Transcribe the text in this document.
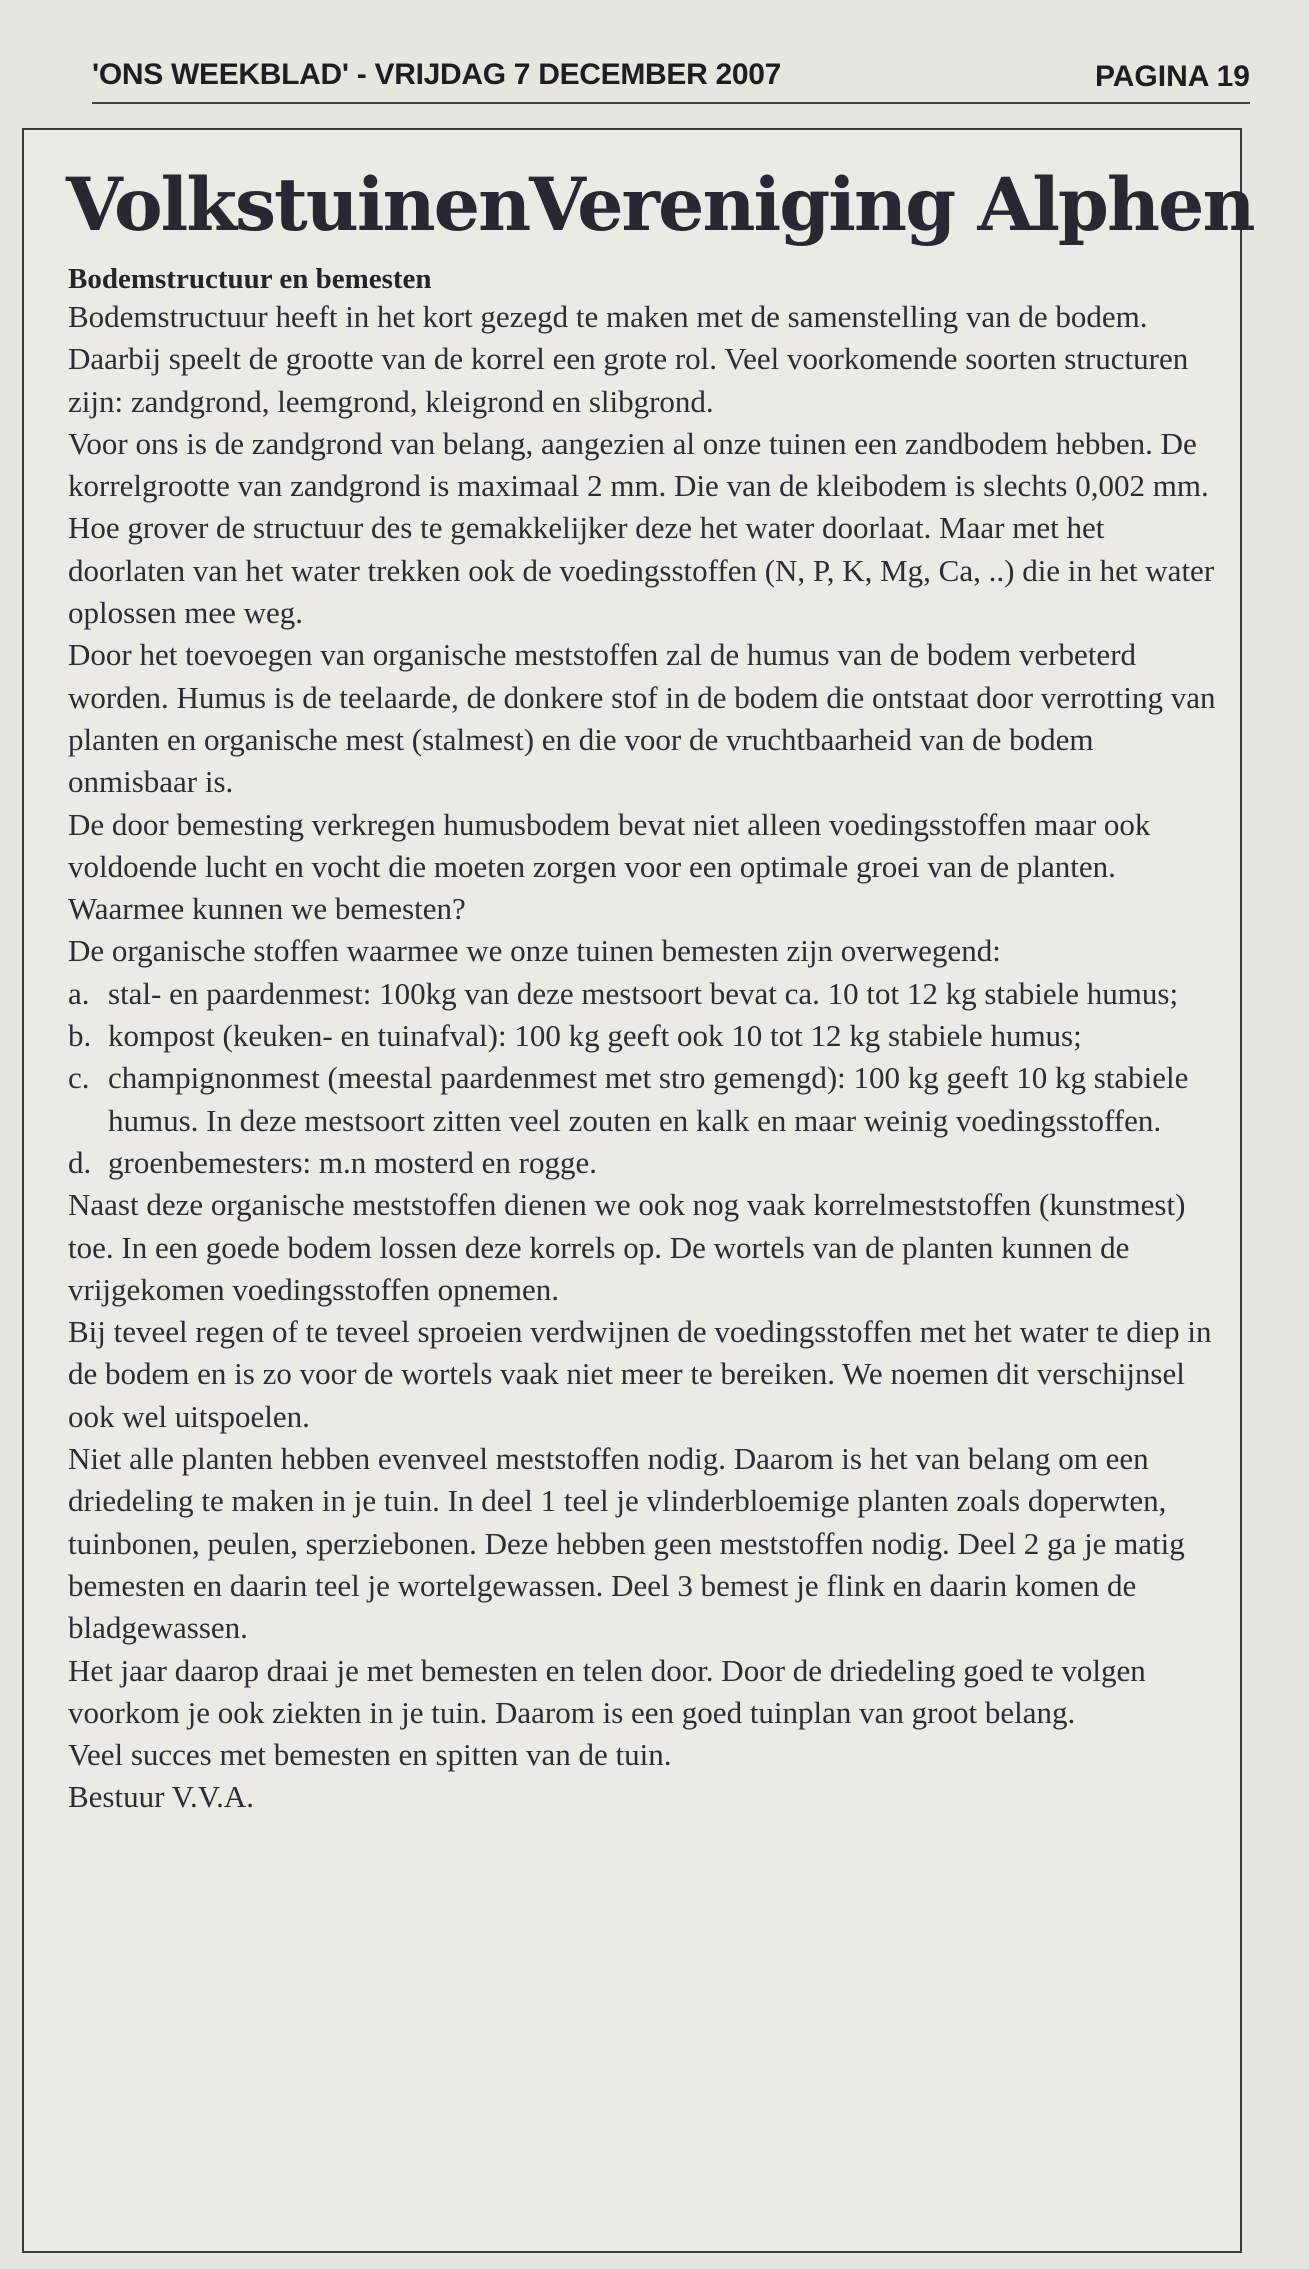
'ONS WEEKBLAD' - VRIJDAG 7 DECEMBER 2007	PAGINA 19
VolkstuinenVereniging Alphen
Bodemstructuur en bemesten

Bodemstructuur heeft in het kort gezegd te maken met de samenstelling van de bodem. Daarbij speelt de grootte van de korrel een grote rol. Veel voorkomende soorten structuren zijn: zandgrond, leemgrond, kleigrond en slibgrond.

Voor ons is de zandgrond van belang, aangezien al onze tuinen een zandbodem hebben. De korrelgrootte van zandgrond is maximaal 2 mm. Die van de kleibodem is slechts 0,002 mm.

Hoe grover de structuur des te gemakkelijker deze het water doorlaat. Maar met het doorlaten van het water trekken ook de voedingsstoffen (N, P, K, Mg, Ca, ..) die in het water oplossen mee weg.

Door het toevoegen van organische meststoffen zal de humus van de bodem verbeterd worden. Humus is de teelaarde, de donkere stof in de bodem die ontstaat door verrotting van planten en organische mest (stalmest) en die voor de vruchtbaarheid van de bodem onmisbaar is.

De door bemesting verkregen humusbodem bevat niet alleen voedingsstoffen maar ook voldoende lucht en vocht die moeten zorgen voor een optimale groei van de planten.

Waarmee kunnen we bemesten?

De organische stoffen waarmee we onze tuinen bemesten zijn overwegend:

a. stal- en paardenmest: 100kg van deze mestsoort bevat ca. 10 tot 12 kg stabiele humus;
b. kompost (keuken- en tuinafval): 100 kg geeft ook 10 tot 12 kg stabiele humus;
c. champignonmest (meestal paardenmest met stro gemengd): 100 kg geeft 10 kg stabiele humus. In deze mestsoort zitten veel zouten en kalk en maar weinig voedingsstoffen.
d. groenbemesters: m.n mosterd en rogge.

Naast deze organische meststoffen dienen we ook nog vaak korrelmeststoffen (kunstmest) toe. In een goede bodem lossen deze korrels op. De wortels van de planten kunnen de vrijgekomen voedingsstoffen opnemen.

Bij teveel regen of te teveel sproeien verdwijnen de voedingsstoffen met het water te diep in de bodem en is zo voor de wortels vaak niet meer te bereiken. We noemen dit verschijnsel ook wel uitspoelen.

Niet alle planten hebben evenveel meststoffen nodig. Daarom is het van belang om een driedeling te maken in je tuin. In deel 1 teel je vlinderbloemige planten zoals doperwten, tuinbonen, peulen, sperziebonen. Deze hebben geen meststoffen nodig. Deel 2 ga je matig bemesten en daarin teel je wortelgewassen. Deel 3 bemest je flink en daarin komen de bladgewassen.

Het jaar daarop draai je met bemesten en telen door. Door de driedeling goed te volgen voorkom je ook ziekten in je tuin. Daarom is een goed tuinplan van groot belang.

Veel succes met bemesten en spitten van de tuin.

Bestuur V.V.A.
